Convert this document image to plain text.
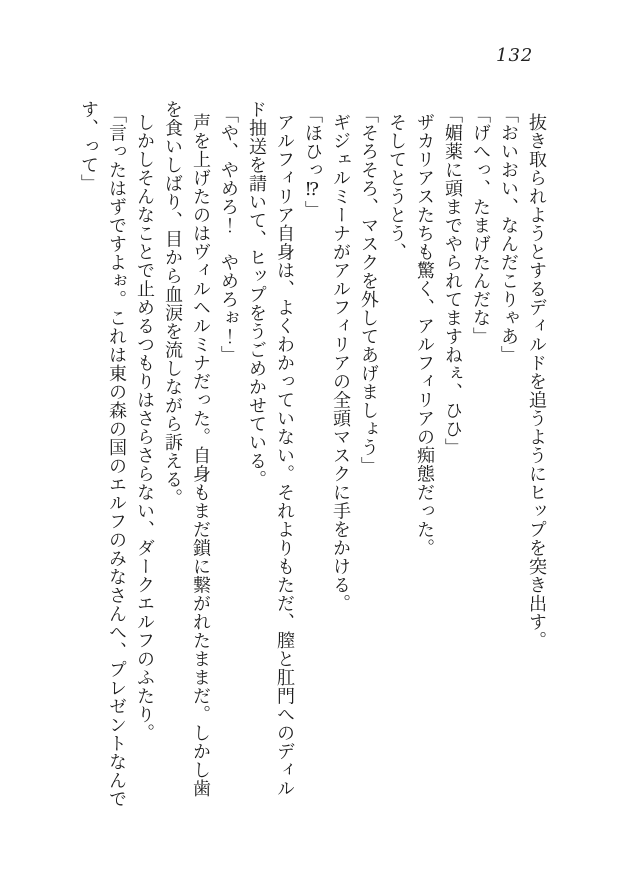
132
抜き取られようとするディルドを追うようにヒップを突き出す。
「おいおい、なんだこりゃあ」
「げへっ、たまげたんだな」
「媚薬に頭までやられてますねぇ、ひひ」
ザカリアスたちも驚く、アルフィリアの痴態だった。
そしてとうとう、
「そろそろ、マスクを外してあげましょう」
ギジェルミーナがアルフィリアの全頭マスクに手をかける。
「ほひっ⁉」
アルフィリア自身は、よくわかっていない。それよりもただ、膣と肛門へのディル
ド抽送を請いて、ヒップをうごめかせている。
「や、やめろ！　やめろぉ！」
声を上げたのはヴィルヘルミナだった。自身もまだ鎖に繋がれたままだ。しかし歯
を食いしばり、目から血涙を流しながら訴える。
しかしそんなことで止めるつもりはさらさらない、ダークエルフのふたり。
「言ったはずですよぉ。これは東の森の国のエルフのみなさんへ、プレゼントなんで
す、って」
